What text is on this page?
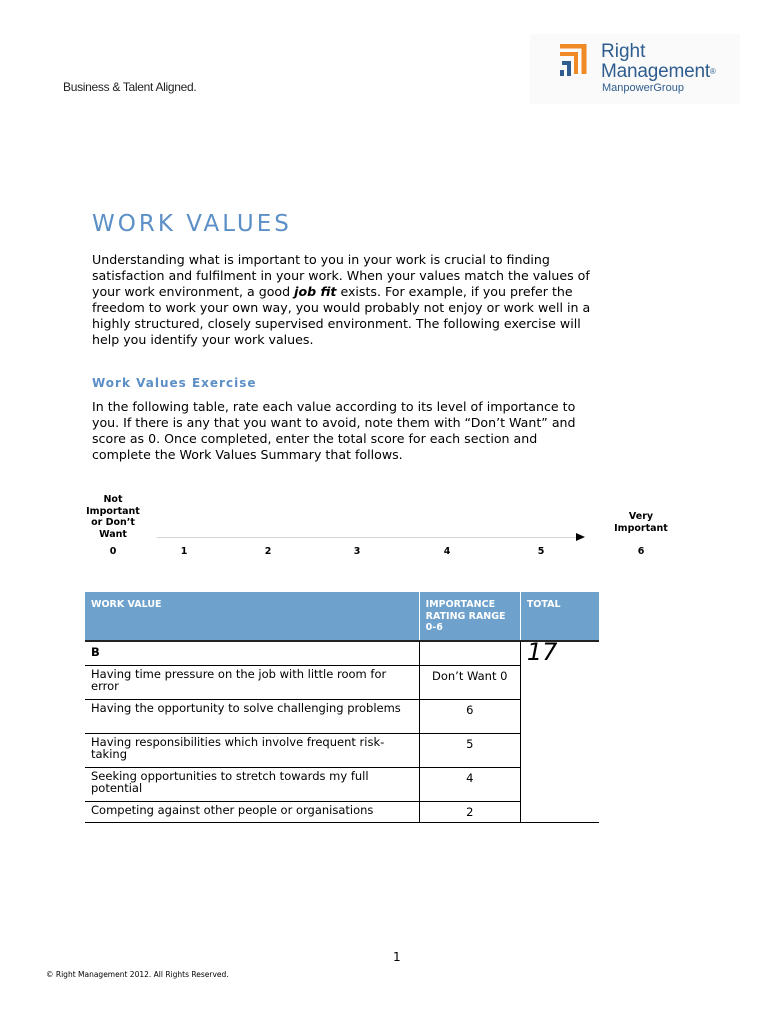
Business & Talent Aligned.
Right
Management®
ManpowerGroup
WORK VALUES

Understanding what is important to you in your work is crucial to finding satisfaction and fulfilment in your work. When your values match the values of your work environment, a good job fit exists. For example, if you prefer the freedom to work your own way, you would probably not enjoy or work well in a highly structured, closely supervised environment. The following exercise will help you identify your work values.

Work Values Exercise

In the following table, rate each value according to its level of importance to you. If there is any that you want to avoid, note them with “Don’t Want” and score as 0. Once completed, enter the total score for each section and complete the Work Values Summary that follows.

Not Important or Don’t Want
Very Important
0	1	2	3	4	5	6
WORK VALUE	IMPORTANCE RATING RANGE 0-6	TOTAL
B		17
Having time pressure on the job with little room for error	Don’t Want 0	
Having the opportunity to solve challenging problems	6	
Having responsibilities which involve frequent risk-taking	5	
Seeking opportunities to stretch towards my full potential	4	
Competing against other people or organisations	2	
1
© Right Management 2012. All Rights Reserved.
